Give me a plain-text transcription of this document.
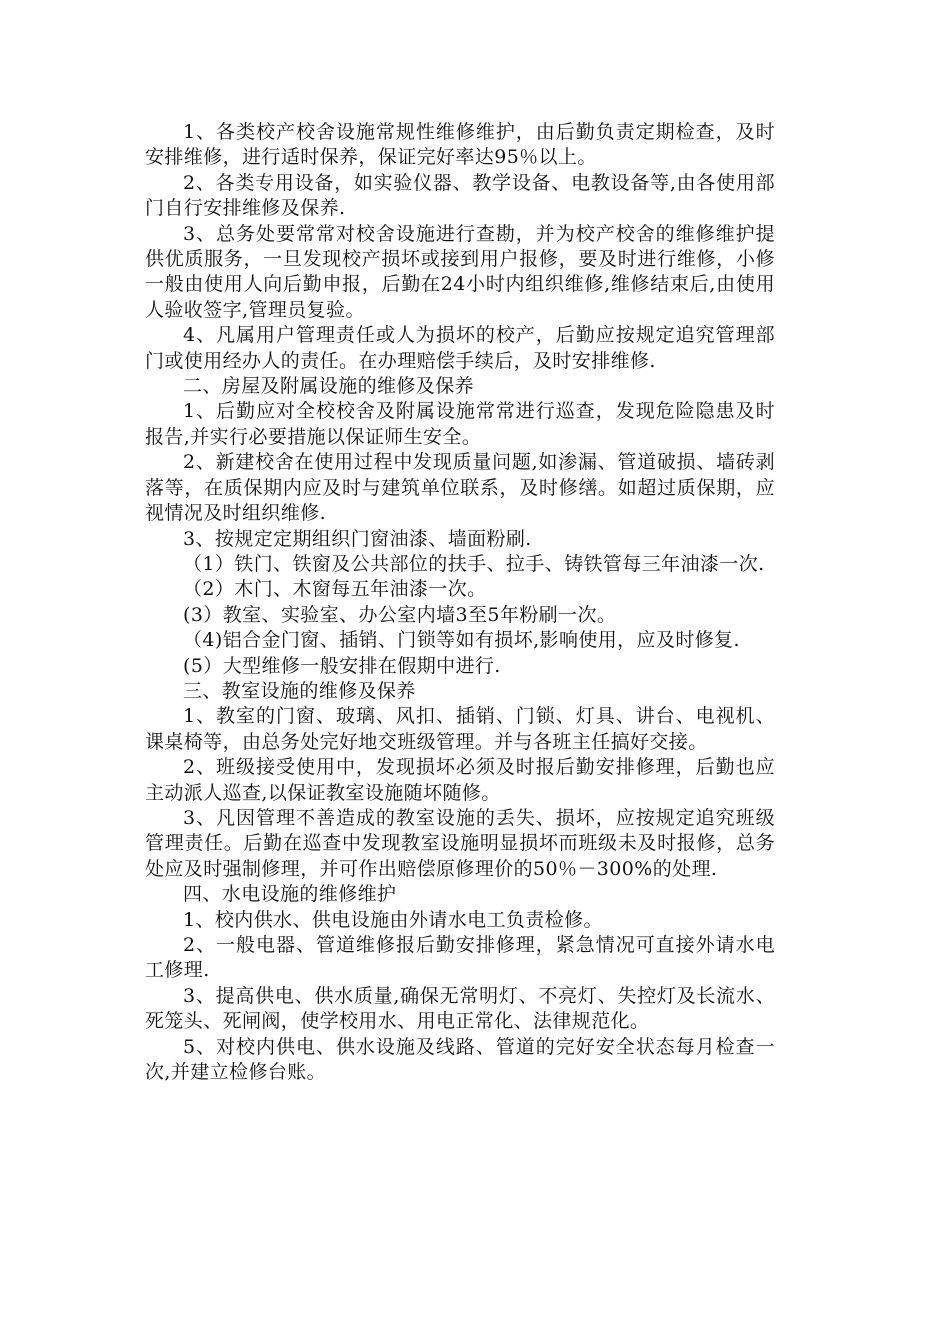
1、各类校产校舍设施常规性维修维护，由后勤负责定期检查，及时安排维修，进行适时保养，保证完好率达95％以上。

2、各类专用设备，如实验仪器、教学设备、电教设备等,由各使用部门自行安排维修及保养.

3、总务处要常常对校舍设施进行查勘，并为校产校舍的维修维护提供优质服务，一旦发现校产损坏或接到用户报修，要及时进行维修，小修一般由使用人向后勤申报，后勤在24小时内组织维修,维修结束后,由使用人验收签字,管理员复验。

4、凡属用户管理责任或人为损坏的校产，后勤应按规定追究管理部门或使用经办人的责任。在办理赔偿手续后，及时安排维修.

二、房屋及附属设施的维修及保养

1、后勤应对全校校舍及附属设施常常进行巡查，发现危险隐患及时报告,并实行必要措施以保证师生安全。

2、新建校舍在使用过程中发现质量问题,如渗漏、管道破损、墙砖剥落等，在质保期内应及时与建筑单位联系，及时修缮。如超过质保期，应视情况及时组织维修.

3、按规定定期组织门窗油漆、墙面粉刷.

（1）铁门、铁窗及公共部位的扶手、拉手、铸铁管每三年油漆一次.

（2）木门、木窗每五年油漆一次。

(3）教室、实验室、办公室内墙3至5年粉刷一次。

（4)铝合金门窗、插销、门锁等如有损坏,影响使用，应及时修复.

(5）大型维修一般安排在假期中进行.

三、教室设施的维修及保养

1、教室的门窗、玻璃、风扣、插销、门锁、灯具、讲台、电视机、课桌椅等，由总务处完好地交班级管理。并与各班主任搞好交接。

2、班级接受使用中，发现损坏必须及时报后勤安排修理，后勤也应主动派人巡查,以保证教室设施随坏随修。

3、凡因管理不善造成的教室设施的丢失、损坏，应按规定追究班级管理责任。后勤在巡查中发现教室设施明显损坏而班级未及时报修，总务处应及时强制修理，并可作出赔偿原修理价的50％－300%的处理.

四、水电设施的维修维护

1、校内供水、供电设施由外请水电工负责检修。

2、一般电器、管道维修报后勤安排修理，紧急情况可直接外请水电工修理.

3、提高供电、供水质量,确保无常明灯、不亮灯、失控灯及长流水、死笼头、死闸阀，使学校用水、用电正常化、法律规范化。

5、对校内供电、供水设施及线路、管道的完好安全状态每月检查一次,并建立检修台账。
